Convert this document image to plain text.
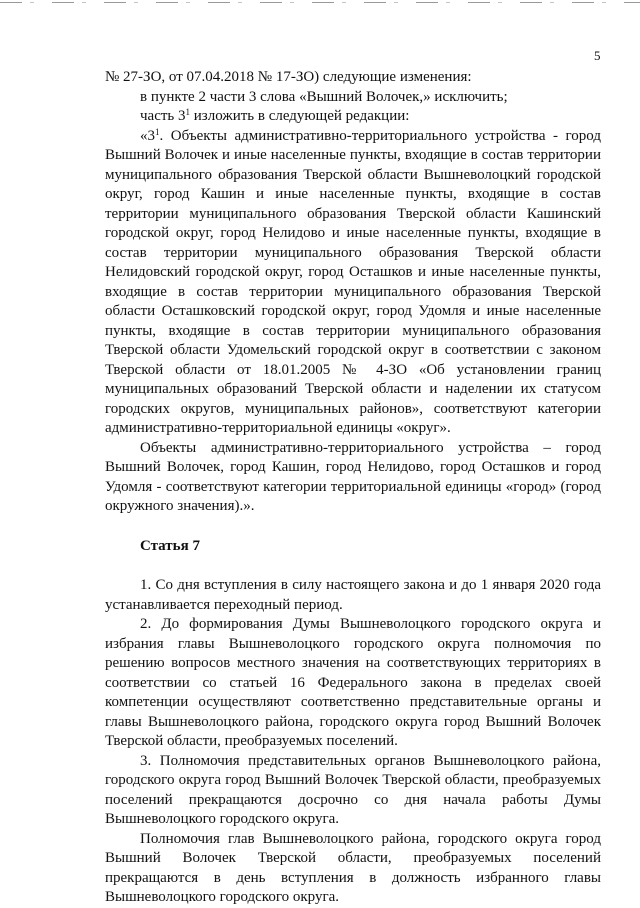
5

№ 27-ЗО, от 07.04.2018 № 17-ЗО) следующие изменения:

в пункте 2 части 3 слова «Вышний Волочек,» исключить;

часть $3^1$ изложить в следующей редакции:

«$3^1$. Объекты административно-территориального устройства - город Вышний Волочек и иные населенные пункты, входящие в состав территории муниципального образования Тверской области Вышневолоцкий городской округ, город Кашин и иные населенные пункты, входящие в состав территории муниципального образования Тверской области Кашинский городской округ, город Нелидово и иные населенные пункты, входящие в состав территории муниципального образования Тверской области Нелидовский городской округ, город Осташков и иные населенные пункты, входящие в состав территории муниципального образования Тверской области Осташковский городской округ, город Удомля и иные населенные пункты, входящие в состав территории муниципального образования Тверской области Удомельский городской округ в соответствии с законом Тверской области от 18.01.2005 № 4-ЗО «Об установлении границ муниципальных образований Тверской области и наделении их статусом городских округов, муниципальных районов», соответствуют категории административно-территориальной единицы «округ».

Объекты административно-территориального устройства – город Вышний Волочек, город Кашин, город Нелидово, город Осташков и город Удомля - соответствуют категории территориальной единицы «город» (город окружного значения).».

Статья 7

1. Со дня вступления в силу настоящего закона и до 1 января 2020 года устанавливается переходный период.

2. До формирования Думы Вышневолоцкого городского округа и избрания главы Вышневолоцкого городского округа полномочия по решению вопросов местного значения на соответствующих территориях в соответствии со статьей 16 Федерального закона в пределах своей компетенции осуществляют соответственно представительные органы и главы Вышневолоцкого района, городского округа город Вышний Волочек Тверской области, преобразуемых поселений.

3. Полномочия представительных органов Вышневолоцкого района, городского округа город Вышний Волочек Тверской области, преобразуемых поселений прекращаются досрочно со дня начала работы Думы Вышневолоцкого городского округа.

Полномочия глав Вышневолоцкого района, городского округа город Вышний Волочек Тверской области, преобразуемых поселений прекращаются в день вступления в должность избранного главы Вышневолоцкого городского округа.
